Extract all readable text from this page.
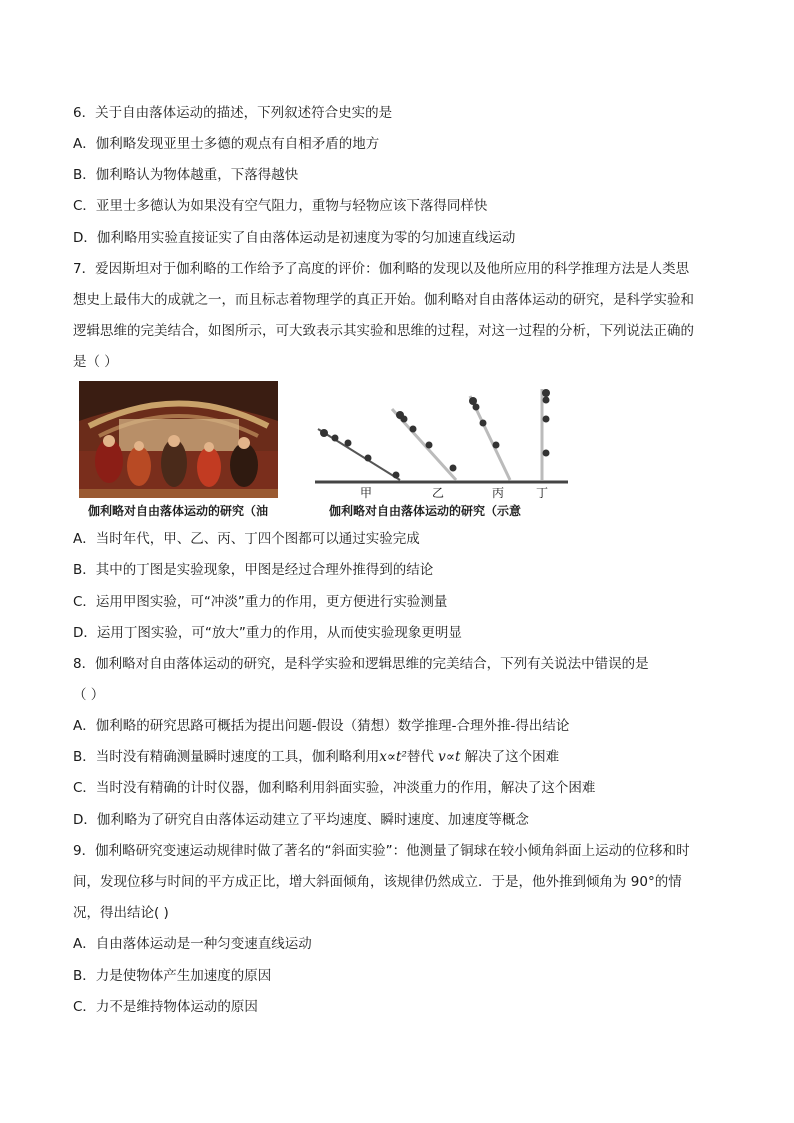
6．关于自由落体运动的描述，下列叙述符合史实的是
A．伽利略发现亚里士多德的观点有自相矛盾的地方
B．伽利略认为物体越重，下落得越快
C．亚里士多德认为如果没有空气阻力，重物与轻物应该下落得同样快
D．伽利略用实验直接证实了自由落体运动是初速度为零的匀加速直线运动
7．爱因斯坦对于伽利略的工作给予了高度的评价：伽利略的发现以及他所应用的科学推理方法是人类思
想史上最伟大的成就之一，而且标志着物理学的真正开始。伽利略对自由落体运动的研究，是科学实验和
逻辑思维的完美结合，如图所示，可大致表示其实验和思维的过程，对这一过程的分析，下列说法正确的
是（ ）
甲	乙	丙	丁
伽利略对自由落体运动的研究（油	伽利略对自由落体运动的研究（示意
A．当时年代，甲、乙、丙、丁四个图都可以通过实验完成
B．其中的丁图是实验现象，甲图是经过合理外推得到的结论
C．运用甲图实验，可“冲淡”重力的作用，更方便进行实验测量
D．运用丁图实验，可“放大”重力的作用，从而使实验现象更明显
8．伽利略对自由落体运动的研究，是科学实验和逻辑思维的完美结合，下列有关说法中错误的是
（ ）
A．伽利略的研究思路可概括为提出问题-假设（猜想）数学推理-合理外推-得出结论
B．当时没有精确测量瞬时速度的工具，伽利略利用x∝t²替代 v∝t 解决了这个困难
C．当时没有精确的计时仪器，伽利略利用斜面实验，冲淡重力的作用，解决了这个困难
D．伽利略为了研究自由落体运动建立了平均速度、瞬时速度、加速度等概念
9．伽利略研究变速运动规律时做了著名的“斜面实验”：他测量了铜球在较小倾角斜面上运动的位移和时
间，发现位移与时间的平方成正比，增大斜面倾角，该规律仍然成立．于是，他外推到倾角为 90°的情
况，得出结论( )
A．自由落体运动是一种匀变速直线运动
B．力是使物体产生加速度的原因
C．力不是维持物体运动的原因
